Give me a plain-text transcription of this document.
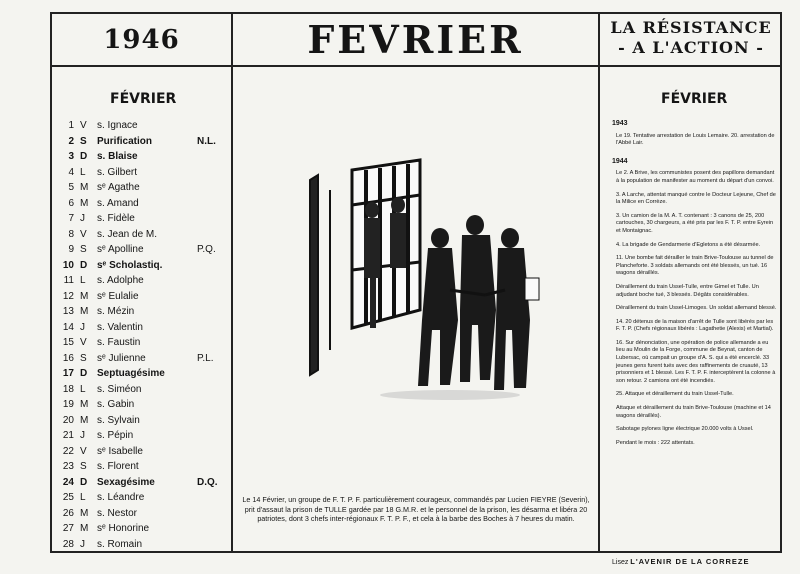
1946	FEVRIER	LA RÉSISTANCE
- A L'ACTION -
FÉVRIER
1 V s. Ignace
2 S Purification	N.L.
3 D s. Blaise
4 L s. Gilbert
5 M sᵉ Agathe
6 M s. Amand
7 J s. Fidèle
8 V s. Jean de M.
9 S sᵉ Apolline	P.Q.
10 D sᵉ Scholastiq.
11 L s. Adolphe
12 M sᵉ Eulalie
13 M s. Mézin
14 J s. Valentin
15 V s. Faustin
16 S sᵉ Julienne	P.L.
17 D Septuagésime
18 L s. Siméon
19 M s. Gabin
20 M s. Sylvain
21 J s. Pépin
22 V sᵉ Isabelle
23 S s. Florent
24 D Sexagésime	D.Q.
25 L s. Léandre
26 M s. Nestor
27 M sᵉ Honorine
28 J s. Romain
Le 14 Février, un groupe de F. T. P. F. particulièrement courageux, commandés par Lucien FIEYRE (Severin), prit d'assaut la prison de TULLE gardée par 18 G.M.R. et le personnel de la prison, les désarma et libéra 20 patriotes, dont 3 chefs inter-régionaux F. T. P. F., et cela à la barbe des Boches à 7 heures du matin.
FÉVRIER
1943
Le 19. Tentative arrestation de Louis Lemaire. 20. arrestation de l'Abbé Lair.
1944
Le 2. A Brive, les communistes posent des papillons demandant à la population de manifester au moment du départ d'un convoi.
3. A Larche, attentat manqué contre le Docteur Lejeune, Chef de la Milice en Corrèze.
3. Un camion de la M. A. T. contenant : 3 canons de 25, 200 cartouches, 30 chargeurs, a été pris par les F. T. P. entre Eyrein et Montaignac.
4. La brigade de Gendarmerie d'Egletons a été désarmée.
11. Une bombe fait dérailler le train Brive-Toulouse au tunnel de Plancheforte. 3 soldats allemands ont été blessés, un tué. 16 wagons déraillés.
Déraillement du train Ussel-Tulle, entre Gimel et Tulle. Un adjudant boche tué, 3 blessés. Dégâts considérables.
Déraillement du train Ussel-Limoges. Un soldat allemand blessé.
14. 20 détenus de la maison d'arrêt de Tulle sont libérés par les F. T. P. (Chefs régionaux libérés : Lagathetie (Alexis) et Martial).
16. Sur dénonciation, une opération de police allemande a eu lieu au Moulin de la Forge, commune de Beynat, canton de Lubersac, où campait un groupe d'A. S. qui a été encerclé. 33 jeunes gens furent tués avec des raffinements de cruauté, 13 prisonniers et 1 blessé. Les F. T. P. F. interceptèrent la colonne à son retour. 2 camions ont été incendiés.
25. Attaque et déraillement du train Ussel-Tulle.
Attaque et déraillement du train Brive-Toulouse (machine et 14 wagons déraillés).
Sabotage pylones ligne électrique 20.000 volts à Ussel.
Pendant le mois : 222 attentats.
Lisez L'AVENIR DE LA CORREZE
